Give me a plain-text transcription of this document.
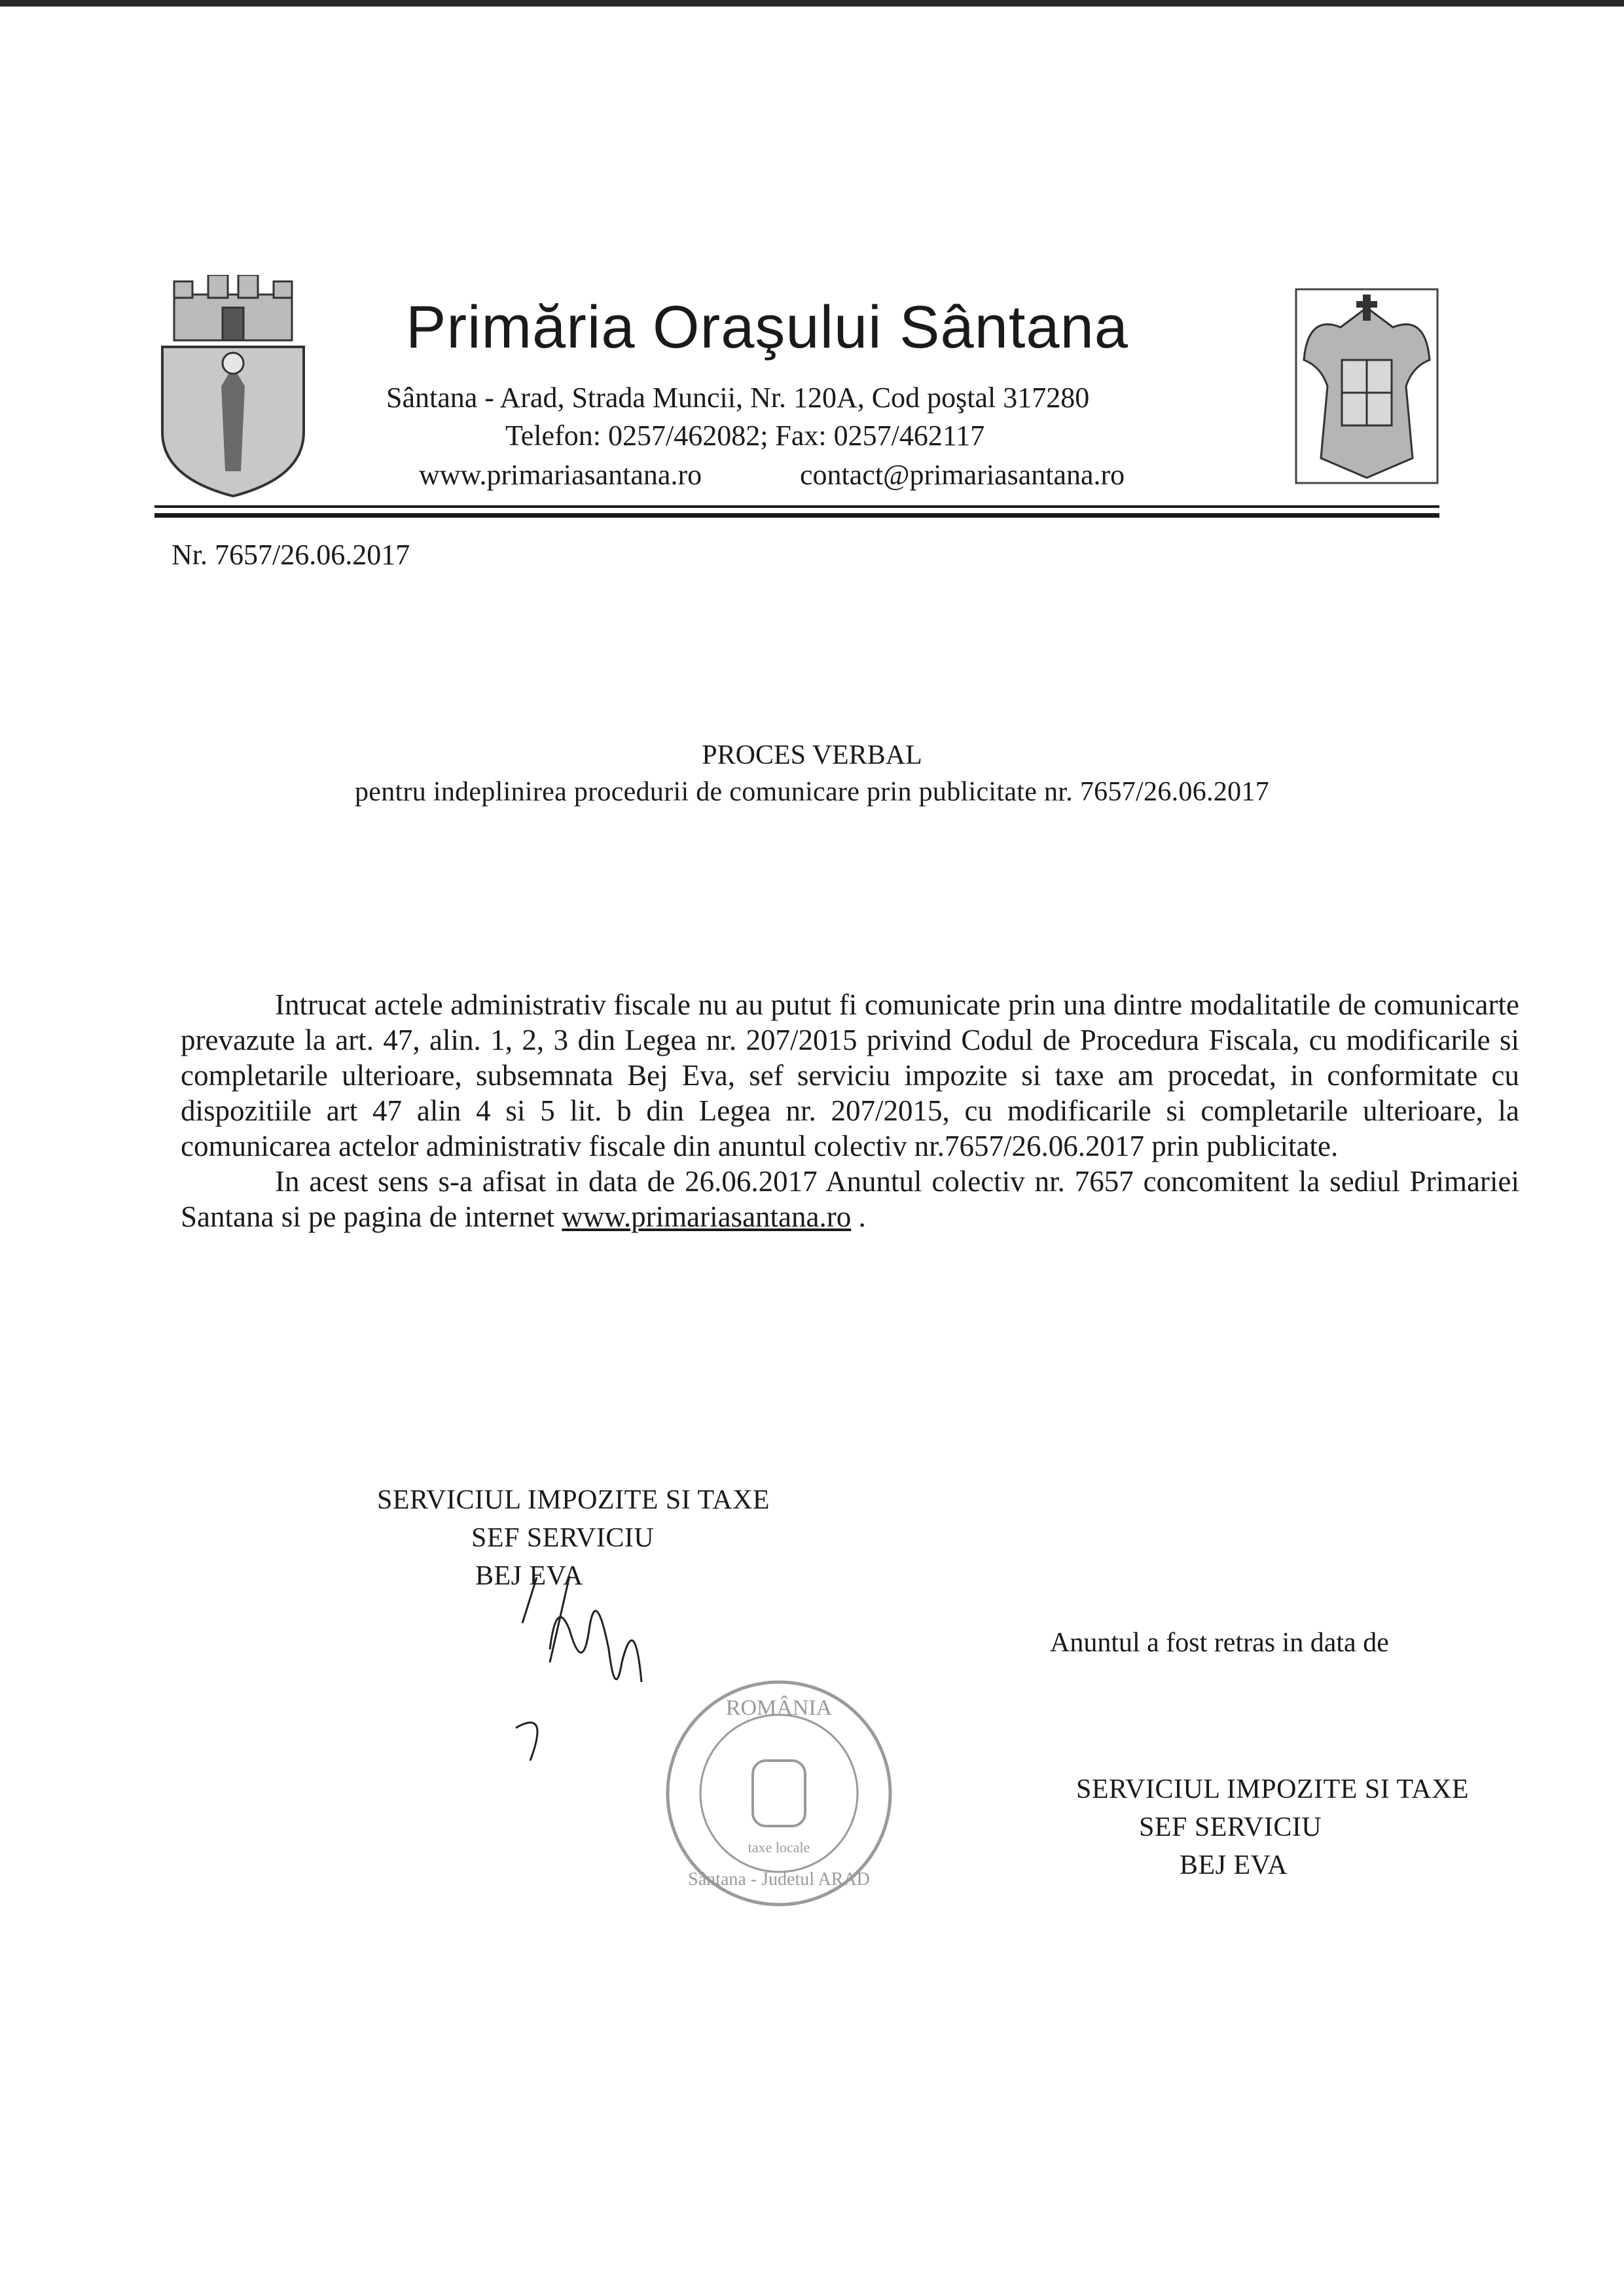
Primăria Oraşului Sântana
Sântana - Arad, Strada Muncii, Nr. 120A, Cod poştal 317280
Telefon: 0257/462082; Fax: 0257/462117
www.primariasantana.ro	contact@primariasantana.ro
Nr. 7657/26.06.2017
PROCES VERBAL
pentru indeplinirea procedurii de comunicare prin publicitate nr. 7657/26.06.2017

Intrucat actele administrativ fiscale nu au putut fi comunicate prin una dintre modalitatile de comunicarte prevazute la art. 47, alin. 1, 2, 3 din Legea nr. 207/2015 privind Codul de Procedura Fiscala, cu modificarile si completarile ulterioare, subsemnata Bej Eva, sef serviciu impozite si taxe am procedat, in conformitate cu dispozitiile art 47 alin 4 si 5 lit. b din Legea nr. 207/2015, cu modificarile si completarile ulterioare, la comunicarea actelor administrativ fiscale din anuntul colectiv nr.7657/26.06.2017 prin publicitate.

In acest sens s-a afisat in data de 26.06.2017 Anuntul colectiv nr. 7657 concomitent la sediul Primariei Santana si pe pagina de internet www.primariasantana.ro .

SERVICIUL IMPOZITE SI TAXE
SEF SERVICIU
BEJ EVA
Anuntul a fost retras in data de
ROMÂNIA
Sântana - Judetul ARAD
taxe locale
SERVICIUL IMPOZITE SI TAXE
SEF SERVICIU
BEJ EVA
